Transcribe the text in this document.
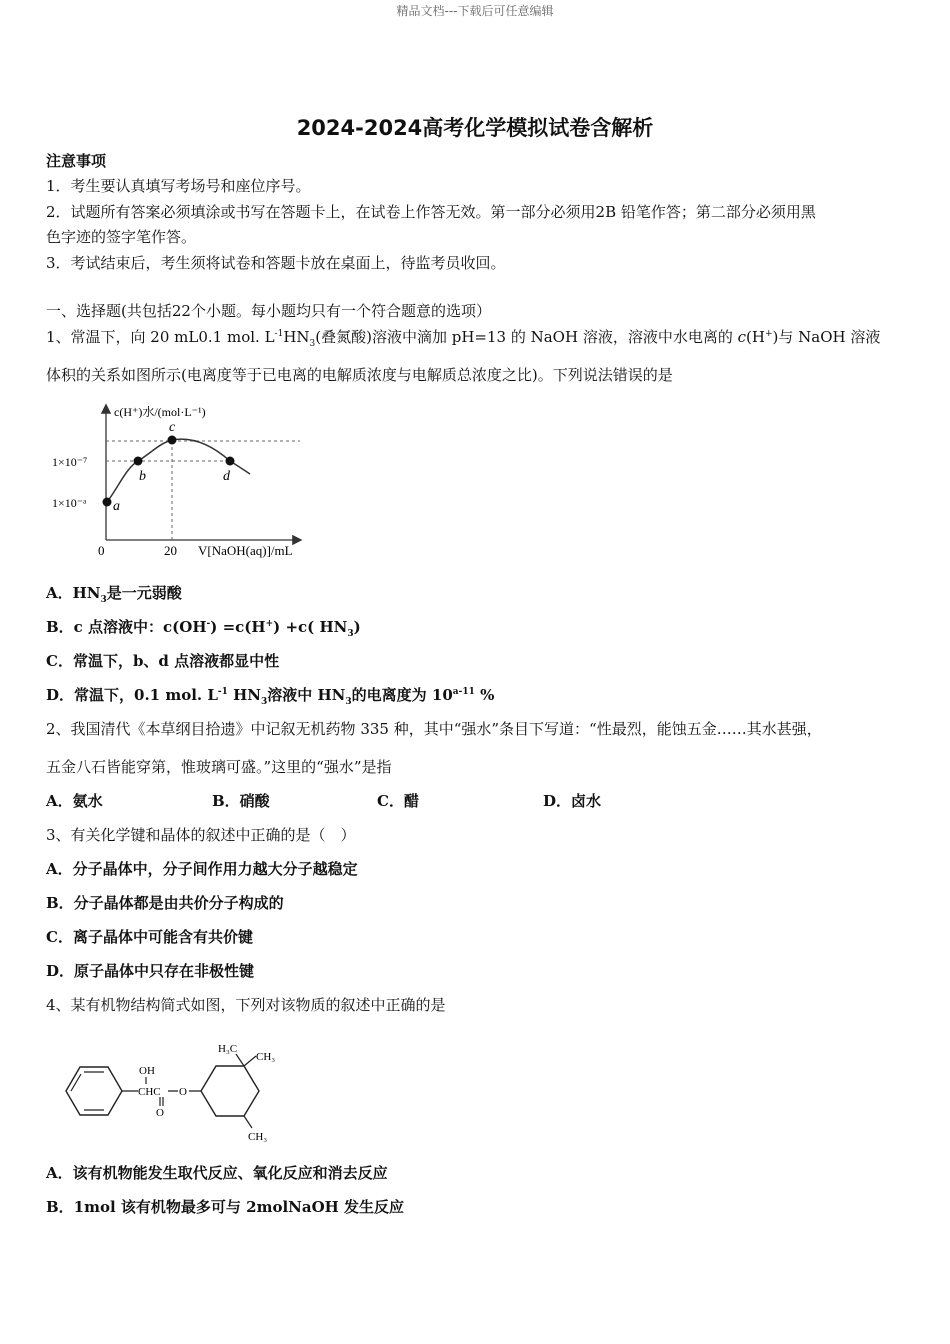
精品文档---下载后可任意编辑
2024-2024高考化学模拟试卷含解析
注意事项
1．考生要认真填写考场号和座位序号。
2．试题所有答案必须填涂或书写在答题卡上，在试卷上作答无效。第一部分必须用2B 铅笔作答；第二部分必须用黑
色字迹的签字笔作答。
3．考试结束后，考生须将试卷和答题卡放在桌面上，待监考员收回。
一、选择题(共包括22个小题。每小题均只有一个符合题意的选项）
1、常温下，向 20 mL0.1 mol. $L^{-1}HN_3$(叠氮酸)溶液中滴加 pH=13 的 NaOH 溶液，溶液中水电离的 c(H+)与 NaOH 溶液
体积的关系如图所示(电离度等于已电离的电解质浓度与电解质总浓度之比)。下列说法错误的是
a
b
c
d
c(H⁺)水/(mol·L⁻¹)
V[NaOH(aq)]/mL
1×10⁻⁷
1×10⁻ᵃ
0	20
A．$HN_3$是一元弱酸
B．c 点溶液中：c(OH-) =c(H+) +c( $HN_3$)
C．常温下，b、d 点溶液都显中性
D．常温下，0.1 mol. $L^{-1}$ $HN_3$溶液中 $HN_3$的电离度为 10$^{a-11}$ %
2、我国清代《本草纲目拾遗》中记叙无机药物 335 种，其中“强水”条目下写道：“性最烈，能蚀五金……其水甚强，
五金八石皆能穿第，惟玻璃可盛。”这里的“强水”是指
A．氨水	B．硝酸	C．醋	D．卤水
3、有关化学键和晶体的叙述中正确的是（　）
A．分子晶体中，分子间作用力越大分子越稳定
B．分子晶体都是由共价分子构成的
C．离子晶体中可能含有共价键
D．原子晶体中只存在非极性键
4、某有机物结构简式如图，下列对该物质的叙述中正确的是
OH
CHC
O
O
H₃C
CH₃
CH₃
A．该有机物能发生取代反应、氧化反应和消去反应
B．1mol 该有机物最多可与 2molNaOH 发生反应
